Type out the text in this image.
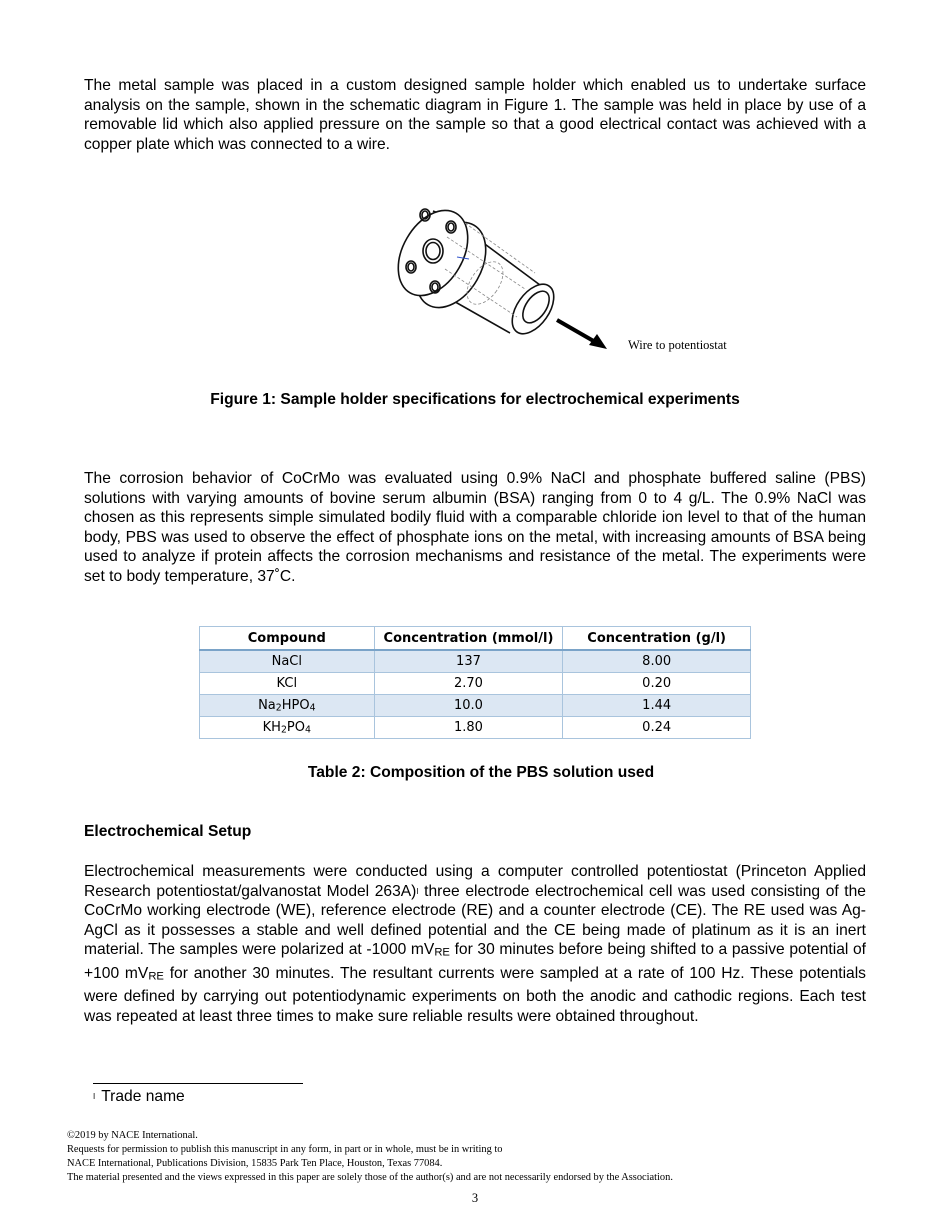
The metal sample was placed in a custom designed sample holder which enabled us to undertake surface analysis on the sample, shown in the schematic diagram in Figure 1. The sample was held in place by use of a removable lid which also applied pressure on the sample so that a good electrical contact was achieved with a copper plate which was connected to a wire.

Wire to potentiostat
Figure 1: Sample holder specifications for electrochemical experiments

The corrosion behavior of CoCrMo was evaluated using 0.9% NaCl and phosphate buffered saline (PBS) solutions with varying amounts of bovine serum albumin (BSA) ranging from 0 to 4 g/L. The 0.9% NaCl was chosen as this represents simple simulated bodily fluid with a comparable chloride ion level to that of the human body, PBS was used to observe the effect of phosphate ions on the metal, with increasing amounts of BSA being used to analyze if protein affects the corrosion mechanisms and resistance of the metal. The experiments were set to body temperature, 37˚C.

Compound	Concentration (mmol/l)	Concentration (g/l)
NaCl	137	8.00
KCl	2.70	0.20
Na2HPO4	10.0	1.44
KH2PO4	1.80	0.24
Table 2: Composition of the PBS solution used
Electrochemical Setup

Electrochemical measurements were conducted using a computer controlled potentiostat (Princeton Applied Research potentiostat/galvanostat Model 263A)I three electrode electrochemical cell was used consisting of the CoCrMo working electrode (WE), reference electrode (RE) and a counter electrode (CE). The RE used was Ag-AgCl as it possesses a stable and well defined potential and the CE being made of platinum as it is an inert material. The samples were polarized at -1000 mVRE for 30 minutes before being shifted to a passive potential of +100 mVRE for another 30 minutes. The resultant currents were sampled at a rate of 100 Hz. These potentials were defined by carrying out potentiodynamic experiments on both the anodic and cathodic regions. Each test was repeated at least three times to make sure reliable results were obtained throughout.

I Trade name
©2019 by NACE International.
Requests for permission to publish this manuscript in any form, in part or in whole, must be in writing to
NACE International, Publications Division, 15835 Park Ten Place, Houston, Texas 77084.
The material presented and the views expressed in this paper are solely those of the author(s) and are not necessarily endorsed by the Association.
3
